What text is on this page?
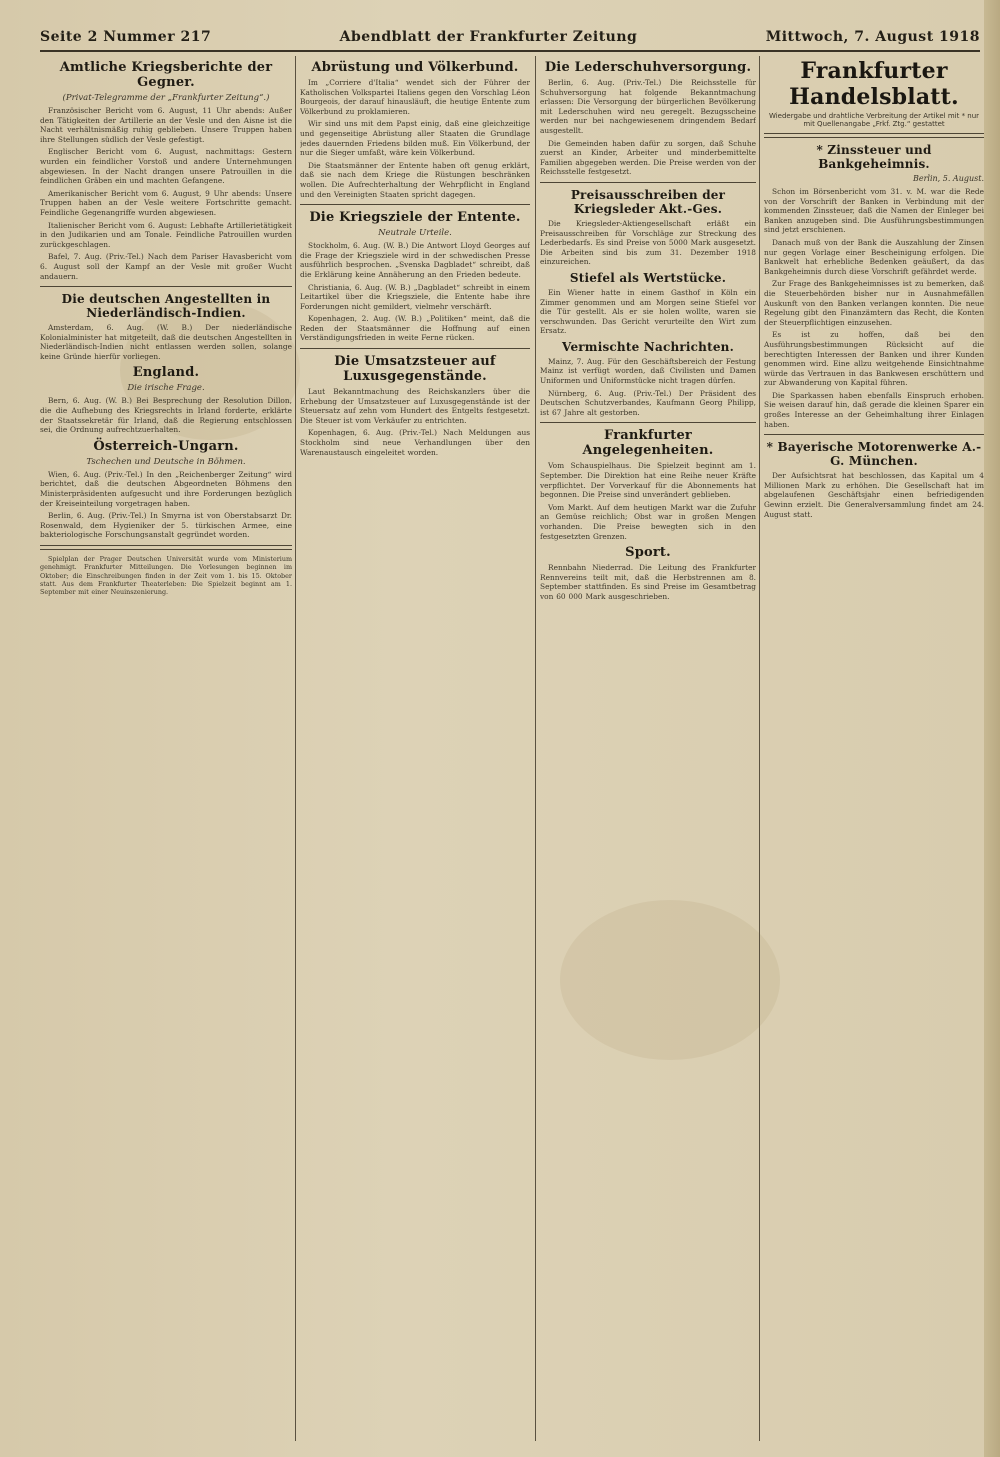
Seite 2 Nummer 217	Abendblatt der Frankfurter Zeitung	Mittwoch, 7. August 1918
Amtliche Kriegsberichte der Gegner.
(Privat-Telegramme der „Frankfurter Zeitung“.)

Französischer Bericht vom 6. August, 11 Uhr abends: Außer den Tätigkeiten der Artillerie an der Vesle und den Aisne ist die Nacht verhältnismäßig ruhig geblieben. Unsere Truppen haben ihre Stellungen südlich der Vesle gefestigt.

Englischer Bericht vom 6. August, nachmittags: Gestern wurden ein feindlicher Vorstoß und andere Unternehmungen abgewiesen. In der Nacht drangen unsere Patrouillen in die feindlichen Gräben ein und machten Gefangene.

Amerikanischer Bericht vom 6. August, 9 Uhr abends: Unsere Truppen haben an der Vesle weitere Fortschritte gemacht. Feindliche Gegenangriffe wurden abgewiesen.

Italienischer Bericht vom 6. August: Lebhafte Artillerietätigkeit in den Judikarien und am Tonale. Feindliche Patrouillen wurden zurückgeschlagen.

Bafel, 7. Aug. (Priv.-Tel.) Nach dem Pariser Havasbericht vom 6. August soll der Kampf an der Vesle mit großer Wucht andauern.

Die deutschen Angestellten in Niederländisch-Indien.

Amsterdam, 6. Aug. (W. B.) Der niederländische Kolonialminister hat mitgeteilt, daß die deutschen Angestellten in Niederländisch-Indien nicht entlassen werden sollen, solange keine Gründe hierfür vorliegen.

England.
Die irische Frage.

Bern, 6. Aug. (W. B.) Bei Besprechung der Resolution Dillon, die die Aufhebung des Kriegsrechts in Irland forderte, erklärte der Staatssekretär für Irland, daß die Regierung entschlossen sei, die Ordnung aufrechtzuerhalten.

Österreich-Ungarn.
Tschechen und Deutsche in Böhmen.

Wien, 6. Aug. (Priv.-Tel.) In den „Reichenberger Zeitung“ wird berichtet, daß die deutschen Abgeordneten Böhmens den Ministerpräsidenten aufgesucht und ihre Forderungen bezüglich der Kreiseinteilung vorgetragen haben.

Berlin, 6. Aug. (Priv.-Tel.) In Smyrna ist von Oberstabsarzt Dr. Rosenwald, dem Hygieniker der 5. türkischen Armee, eine bakteriologische Forschungsanstalt gegründet worden.

Spielplan der Prager Deutschen Universität wurde vom Ministerium genehmigt. Frankfurter Mitteilungen. Die Vorlesungen beginnen im Oktober; die Einschreibungen finden in der Zeit vom 1. bis 15. Oktober statt. Aus dem Frankfurter Theaterleben: Die Spielzeit beginnt am 1. September mit einer Neuinszenierung.

Abrüstung und Völkerbund.

Im „Corriere d'Italia“ wendet sich der Führer der Katholischen Volkspartei Italiens gegen den Vorschlag Léon Bourgeois, der darauf hinausläuft, die heutige Entente zum Völkerbund zu proklamieren.

Wir sind uns mit dem Papst einig, daß eine gleichzeitige und gegenseitige Abrüstung aller Staaten die Grundlage jedes dauernden Friedens bilden muß. Ein Völkerbund, der nur die Sieger umfaßt, wäre kein Völkerbund.

Die Staatsmänner der Entente haben oft genug erklärt, daß sie nach dem Kriege die Rüstungen beschränken wollen. Die Aufrechterhaltung der Wehrpflicht in England und den Vereinigten Staaten spricht dagegen.

Die Kriegsziele der Entente.
Neutrale Urteile.

Stockholm, 6. Aug. (W. B.) Die Antwort Lloyd Georges auf die Frage der Kriegsziele wird in der schwedischen Presse ausführlich besprochen. „Svenska Dagbladet“ schreibt, daß die Erklärung keine Annäherung an den Frieden bedeute.

Christiania, 6. Aug. (W. B.) „Dagbladet“ schreibt in einem Leitartikel über die Kriegsziele, die Entente habe ihre Forderungen nicht gemildert, vielmehr verschärft.

Kopenhagen, 2. Aug. (W. B.) „Politiken“ meint, daß die Reden der Staatsmänner die Hoffnung auf einen Verständigungsfrieden in weite Ferne rücken.

Die Umsatzsteuer auf Luxusgegenstände.

Laut Bekanntmachung des Reichskanzlers über die Erhebung der Umsatzsteuer auf Luxusgegenstände ist der Steuersatz auf zehn vom Hundert des Entgelts festgesetzt. Die Steuer ist vom Verkäufer zu entrichten.

Kopenhagen, 6. Aug. (Priv.-Tel.) Nach Meldungen aus Stockholm sind neue Verhandlungen über den Warenaustausch eingeleitet worden.

Die Lederschuhversorgung.

Berlin, 6. Aug. (Priv.-Tel.) Die Reichsstelle für Schuhversorgung hat folgende Bekanntmachung erlassen: Die Versorgung der bürgerlichen Bevölkerung mit Lederschuhen wird neu geregelt. Bezugsscheine werden nur bei nachgewiesenem dringendem Bedarf ausgestellt.

Die Gemeinden haben dafür zu sorgen, daß Schuhe zuerst an Kinder, Arbeiter und minderbemittelte Familien abgegeben werden. Die Preise werden von der Reichsstelle festgesetzt.

Preisausschreiben der Kriegsleder Akt.-Ges.

Die Kriegsleder-Aktiengesellschaft erläßt ein Preisausschreiben für Vorschläge zur Streckung des Lederbedarfs. Es sind Preise von 5000 Mark ausgesetzt. Die Arbeiten sind bis zum 31. Dezember 1918 einzureichen.

Stiefel als Wertstücke.

Ein Wiener hatte in einem Gasthof in Köln ein Zimmer genommen und am Morgen seine Stiefel vor die Tür gestellt. Als er sie holen wollte, waren sie verschwunden. Das Gericht verurteilte den Wirt zum Ersatz.

Vermischte Nachrichten.

Mainz, 7. Aug. Für den Geschäftsbereich der Festung Mainz ist verfügt worden, daß Civilisten und Damen Uniformen und Uniformstücke nicht tragen dürfen.

Nürnberg, 6. Aug. (Priv.-Tel.) Der Präsident des Deutschen Schutzverbandes, Kaufmann Georg Philipp, ist 67 Jahre alt gestorben.

Frankfurter Angelegenheiten.

Vom Schauspielhaus. Die Spielzeit beginnt am 1. September. Die Direktion hat eine Reihe neuer Kräfte verpflichtet. Der Vorverkauf für die Abonnements hat begonnen. Die Preise sind unverändert geblieben.

Vom Markt. Auf dem heutigen Markt war die Zufuhr an Gemüse reichlich; Obst war in großen Mengen vorhanden. Die Preise bewegten sich in den festgesetzten Grenzen.

Sport.

Rennbahn Niederrad. Die Leitung des Frankfurter Rennvereins teilt mit, daß die Herbstrennen am 8. September stattfinden. Es sind Preise im Gesamtbetrag von 60 000 Mark ausgeschrieben.

Frankfurter Handelsblatt.
Wiedergabe und drahtliche Verbreitung der Artikel mit * nur mit Quellenangabe „Frkf. Ztg.“ gestattet
* Zinssteuer und Bankgeheimnis.
Berlin, 5. August.

Schon im Börsenbericht vom 31. v. M. war die Rede von der Vorschrift der Banken in Verbindung mit der kommenden Zinssteuer, daß die Namen der Einleger bei Banken anzugeben sind. Die Ausführungsbestimmungen sind jetzt erschienen.

Danach muß von der Bank die Auszahlung der Zinsen nur gegen Vorlage einer Bescheinigung erfolgen. Die Bankwelt hat erhebliche Bedenken geäußert, da das Bankgeheimnis durch diese Vorschrift gefährdet werde.

Zur Frage des Bankgeheimnisses ist zu bemerken, daß die Steuerbehörden bisher nur in Ausnahmefällen Auskunft von den Banken verlangen konnten. Die neue Regelung gibt den Finanzämtern das Recht, die Konten der Steuerpflichtigen einzusehen.

Es ist zu hoffen, daß bei den Ausführungsbestimmungen Rücksicht auf die berechtigten Interessen der Banken und ihrer Kunden genommen wird. Eine allzu weitgehende Einsichtnahme würde das Vertrauen in das Bankwesen erschüttern und zur Abwanderung von Kapital führen.

Die Sparkassen haben ebenfalls Einspruch erhoben. Sie weisen darauf hin, daß gerade die kleinen Sparer ein großes Interesse an der Geheimhaltung ihrer Einlagen haben.

* Bayerische Motorenwerke A.-G. München.

Der Aufsichtsrat hat beschlossen, das Kapital um 4 Millionen Mark zu erhöhen. Die Gesellschaft hat im abgelaufenen Geschäftsjahr einen befriedigenden Gewinn erzielt. Die Generalversammlung findet am 24. August statt.
